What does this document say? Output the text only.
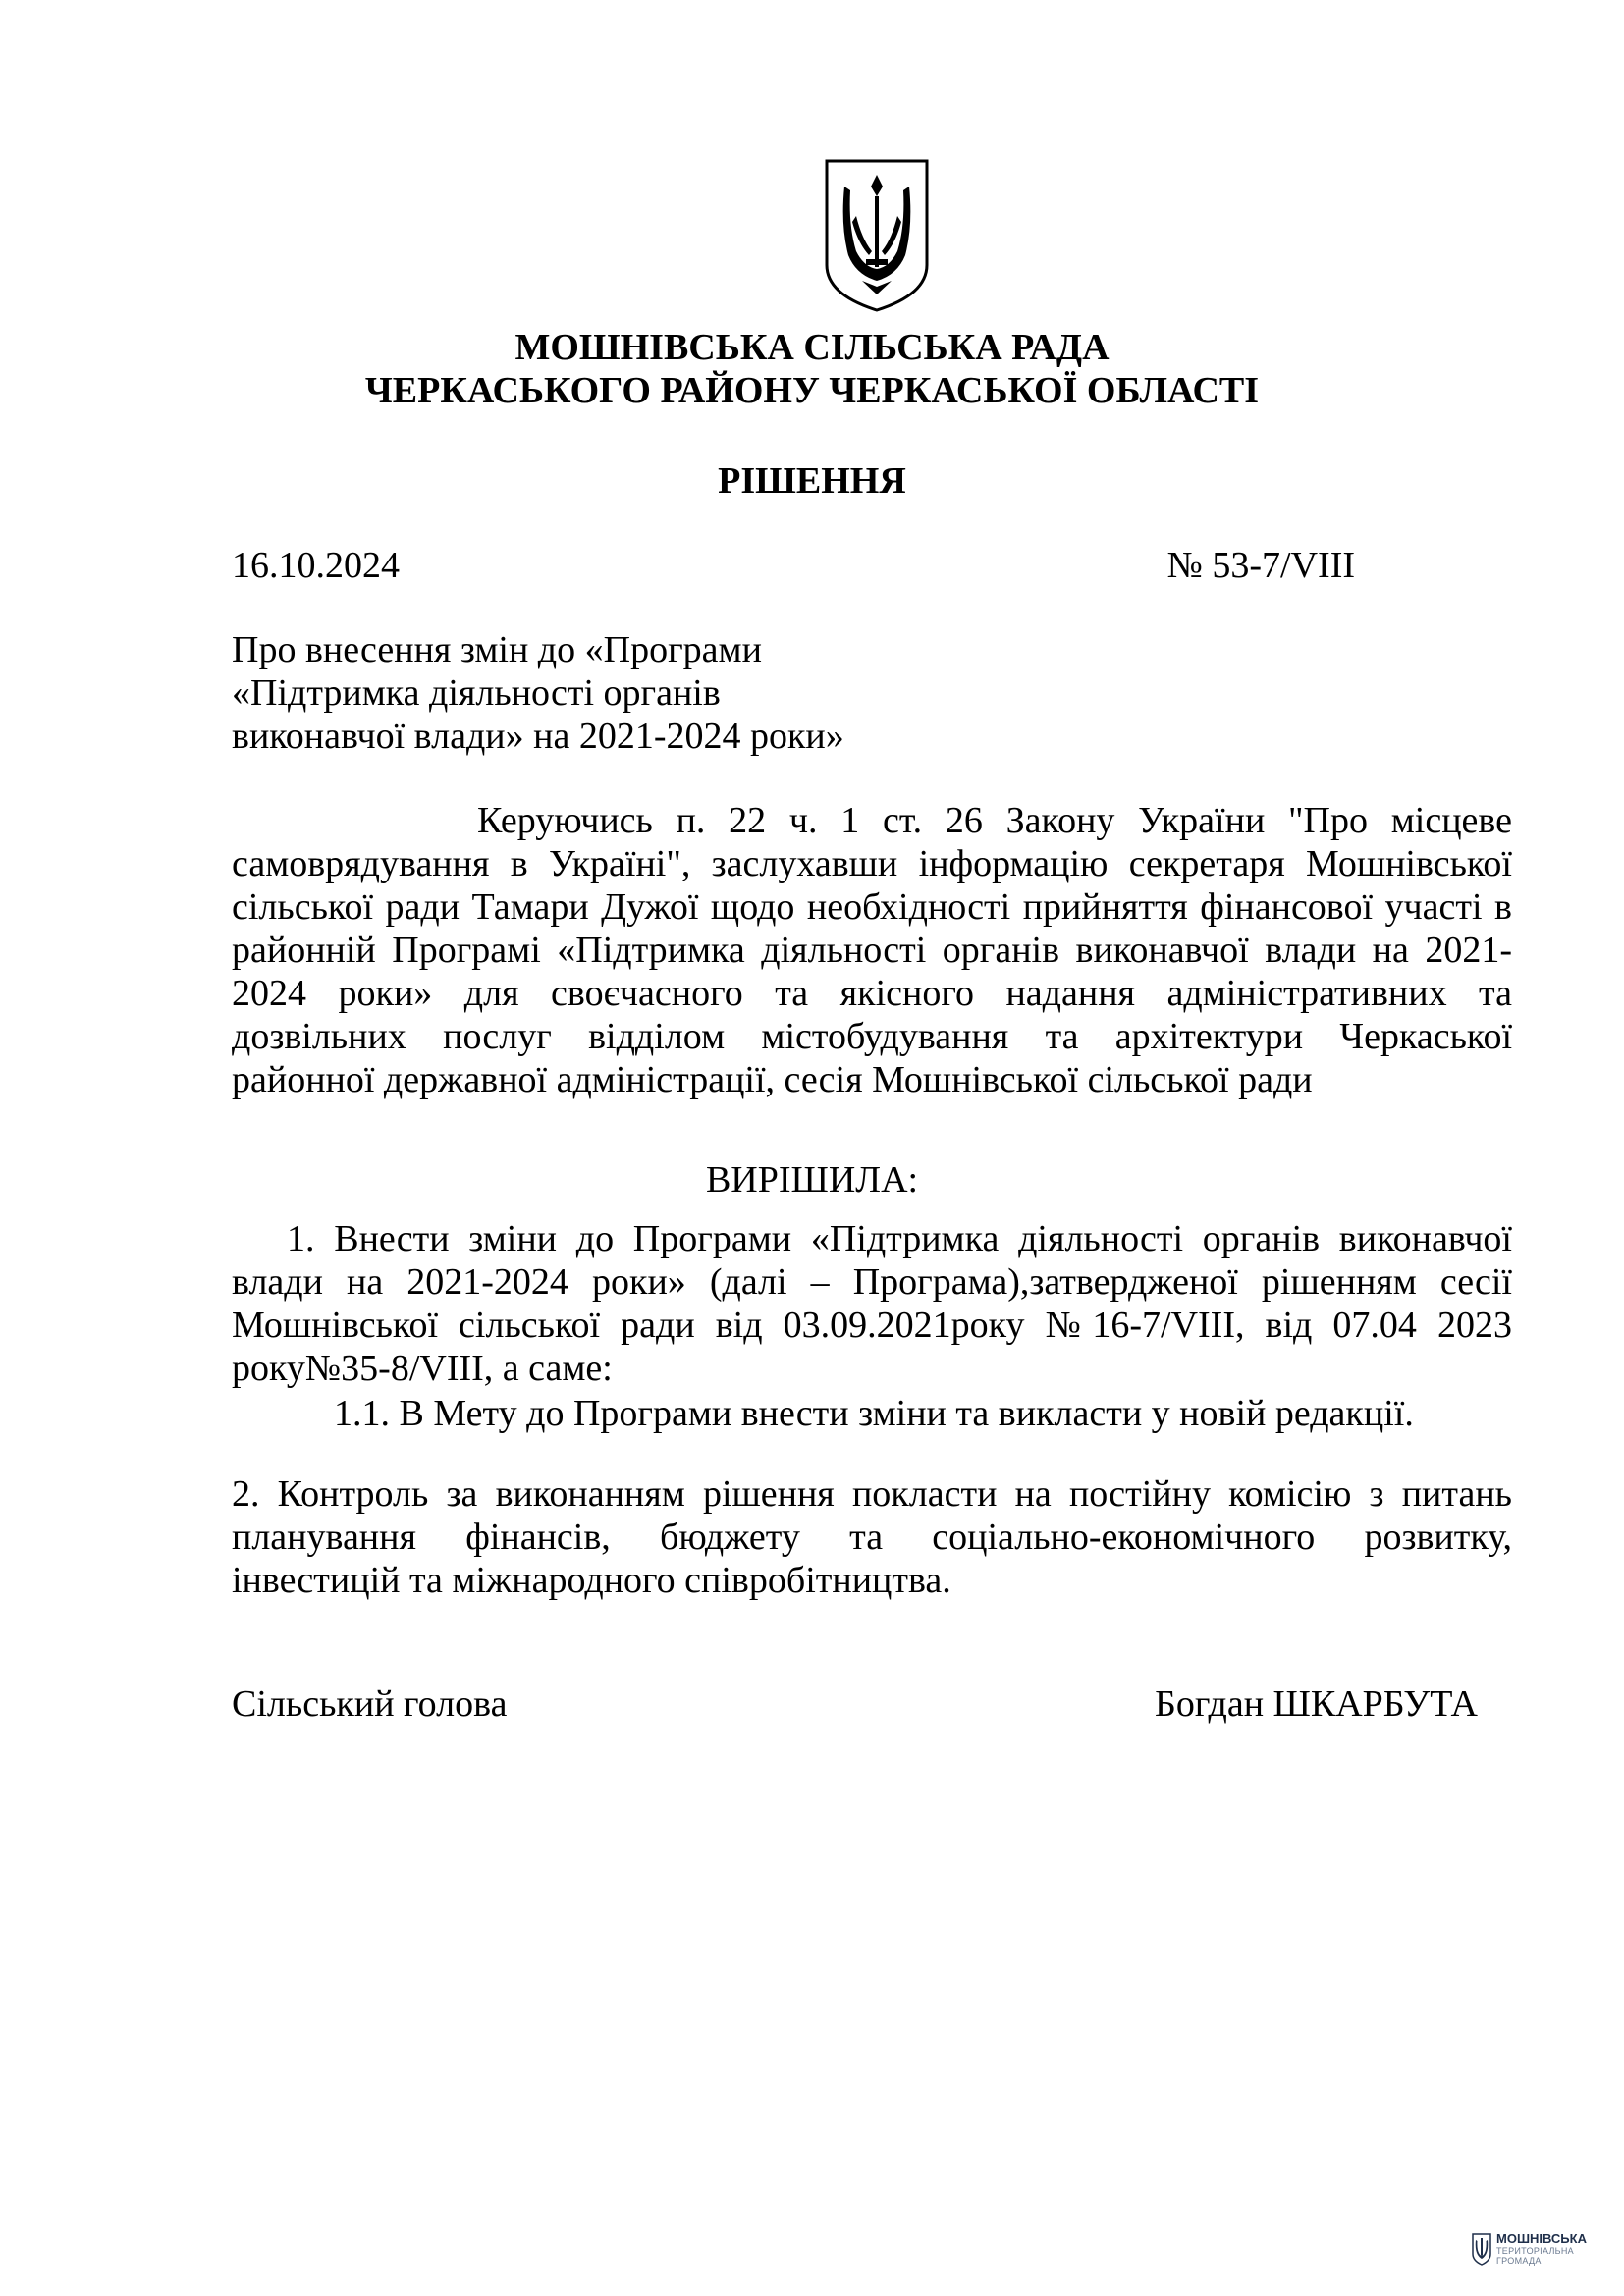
МОШНІВСЬКА СІЛЬСЬКА РАДА
ЧЕРКАСЬКОГО РАЙОНУ ЧЕРКАСЬКОЇ ОБЛАСТІ
РІШЕННЯ
16.10.2024	№ 53-7/VIII
Про внесення змін до «Програми
«Підтримка діяльності органів
виконавчої влади» на 2021-2024 роки»
Керуючись п. 22 ч. 1 ст. 26 Закону України "Про місцеве
самоврядування в Україні", заслухавши інформацію секретаря Мошнівської
сільської ради Тамари Дужої щодо необхідності прийняття фінансової участі в
районній Програмі «Підтримка діяльності органів виконавчої влади на 2021-
2024 роки» для своєчасного та якісного надання адміністративних та
дозвільних послуг відділом містобудування та архітектури Черкаської
районної державної адміністрації, сесія Мошнівської сільської ради
ВИРІШИЛА:
1. Внести зміни до Програми «Підтримка діяльності органів виконавчої
влади на 2021-2024 роки» (далі – Програма),затвердженої рішенням сесії
Мошнівської сільської ради від 03.09.2021року №16-7/VIII, від 07.04 2023
року№35-8/VIII, а саме:
1.1. В Мету до Програми внести зміни та викласти у новій редакції.
2. Контроль за виконанням рішення покласти на постійну комісію з питань
планування фінансів, бюджету та соціально-економічного розвитку,
інвестицій та міжнародного співробітництва.
Сільський голова	Богдан ШКАРБУТА
МОШНІВСЬКА
ТЕРИТОРІАЛЬНА
ГРОМАДА
